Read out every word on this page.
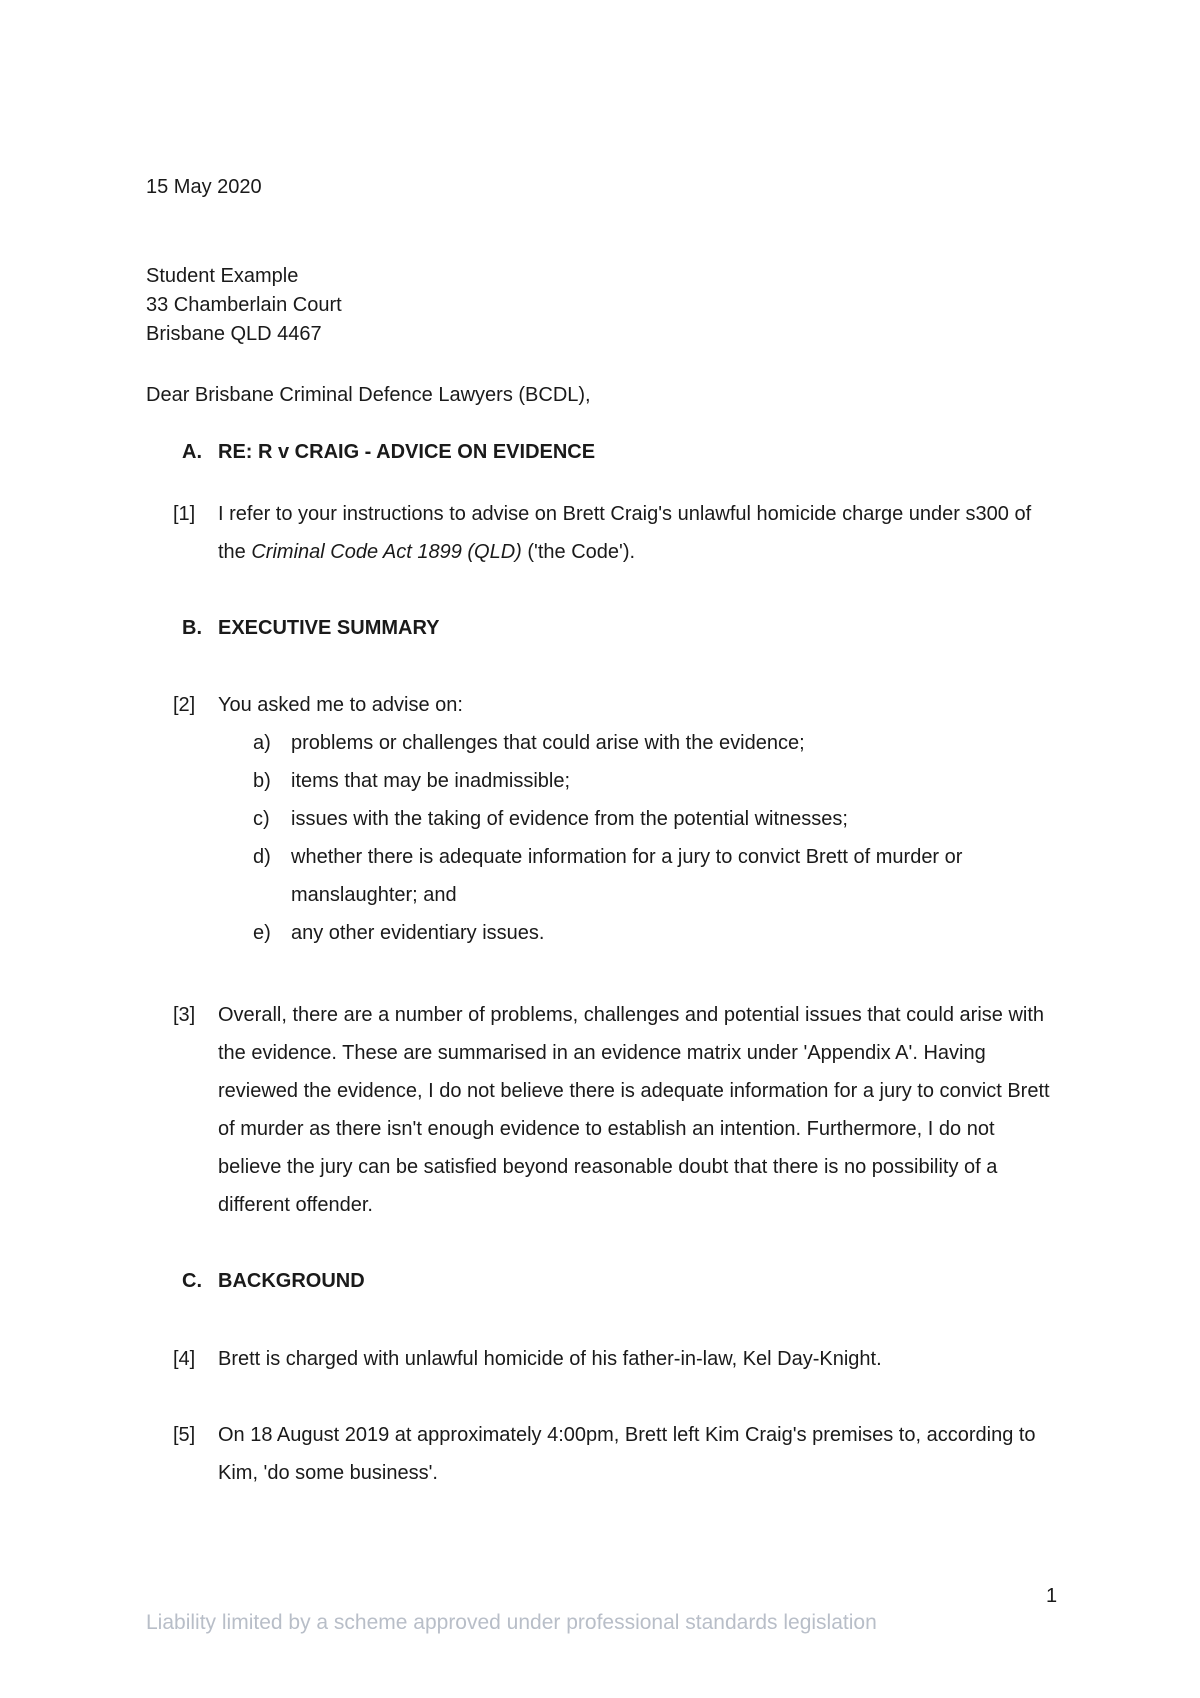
15 May 2020
Student Example
33 Chamberlain Court
Brisbane QLD 4467
Dear Brisbane Criminal Defence Lawyers (BCDL),
A. RE: R v CRAIG - ADVICE ON EVIDENCE
[1] I refer to your instructions to advise on Brett Craig's unlawful homicide charge under s300 of the Criminal Code Act 1899 (QLD) ('the Code').
B. EXECUTIVE SUMMARY
[2] You asked me to advise on:
a) problems or challenges that could arise with the evidence;
b) items that may be inadmissible;
c) issues with the taking of evidence from the potential witnesses;
d) whether there is adequate information for a jury to convict Brett of murder or manslaughter; and
e) any other evidentiary issues.
[3] Overall, there are a number of problems, challenges and potential issues that could arise with the evidence. These are summarised in an evidence matrix under 'Appendix A'. Having reviewed the evidence, I do not believe there is adequate information for a jury to convict Brett of murder as there isn't enough evidence to establish an intention. Furthermore, I do not believe the jury can be satisfied beyond reasonable doubt that there is no possibility of a different offender.
C. BACKGROUND
[4] Brett is charged with unlawful homicide of his father-in-law, Kel Day-Knight.
[5] On 18 August 2019 at approximately 4:00pm, Brett left Kim Craig's premises to, according to Kim, 'do some business'.
1
Liability limited by a scheme approved under professional standards legislation
